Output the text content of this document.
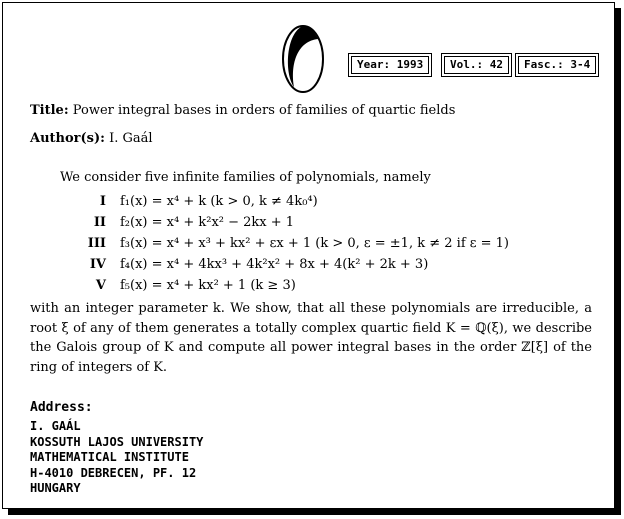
Year: 1993	Vol.: 42	Fasc.: 3-4
Title: Power integral bases in orders of families of quartic fields
Author(s): I. Gaál
We consider five infinite families of polynomials, namely
I f₁(x) = x⁴ + k (k > 0, k ≠ 4k₀⁴)
II f₂(x) = x⁴ + k²x² − 2kx + 1
III f₃(x) = x⁴ + x³ + kx² + εx + 1 (k > 0, ε = ±1, k ≠ 2 if ε = 1)
IV f₄(x) = x⁴ + 4kx³ + 4k²x² + 8x + 4(k² + 2k + 3)
V f₅(x) = x⁴ + kx² + 1 (k ≥ 3)
with an integer parameter k. We show, that all these polynomials are irreducible, a root ξ of any of them generates a totally complex quartic field K = ℚ(ξ), we describe the Galois group of K and compute all power integral bases in the order ℤ[ξ] of the ring of integers of K.
Address:
I. GAÁL
KOSSUTH LAJOS UNIVERSITY
MATHEMATICAL INSTITUTE
H-4010 DEBRECEN, PF. 12
HUNGARY
